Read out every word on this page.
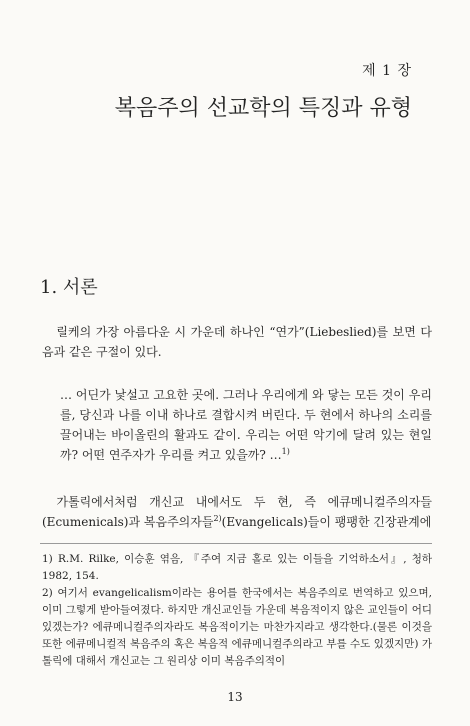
제 1 장
복음주의 선교학의 특징과 유형
1. 서론

릴케의 가장 아름다운 시 가운데 하나인 “연가”(Liebeslied)를 보면 다음과 같은 구절이 있다.

… 어딘가 낯설고 고요한 곳에. 그러나 우리에게 와 닿는 모든 것이 우리를, 당신과 나를 이내 하나로 결합시켜 버린다. 두 현에서 하나의 소리를 끌어내는 바이올린의 활과도 같이. 우리는 어떤 악기에 달려 있는 현일까? 어떤 연주자가 우리를 켜고 있을까? …$^{1)}$

가톨릭에서처럼 개신교 내에서도 두 현, 즉 에큐메니컬주의자들(Ecumenicals)과 복음주의자들$^{2)}$(Evangelicals)들이 팽팽한 긴장관계에

1) R.M. Rilke, 이승훈 엮음, 『주여 지금 홀로 있는 이들을 기억하소서』, 청하 1982, 154.

2) 여기서 evangelicalism이라는 용어를 한국에서는 복음주의로 번역하고 있으며, 이미 그렇게 받아들여졌다. 하지만 개신교인들 가운데 복음적이지 않은 교인들이 어디 있겠는가? 에큐메니컬주의자라도 복음적이기는 마찬가지라고 생각한다.(물론 이것을 또한 에큐메니컬적 복음주의 혹은 복음적 에큐메니컬주의라고 부를 수도 있겠지만) 가톨릭에 대해서 개신교는 그 원리상 이미 복음주의적이

13
